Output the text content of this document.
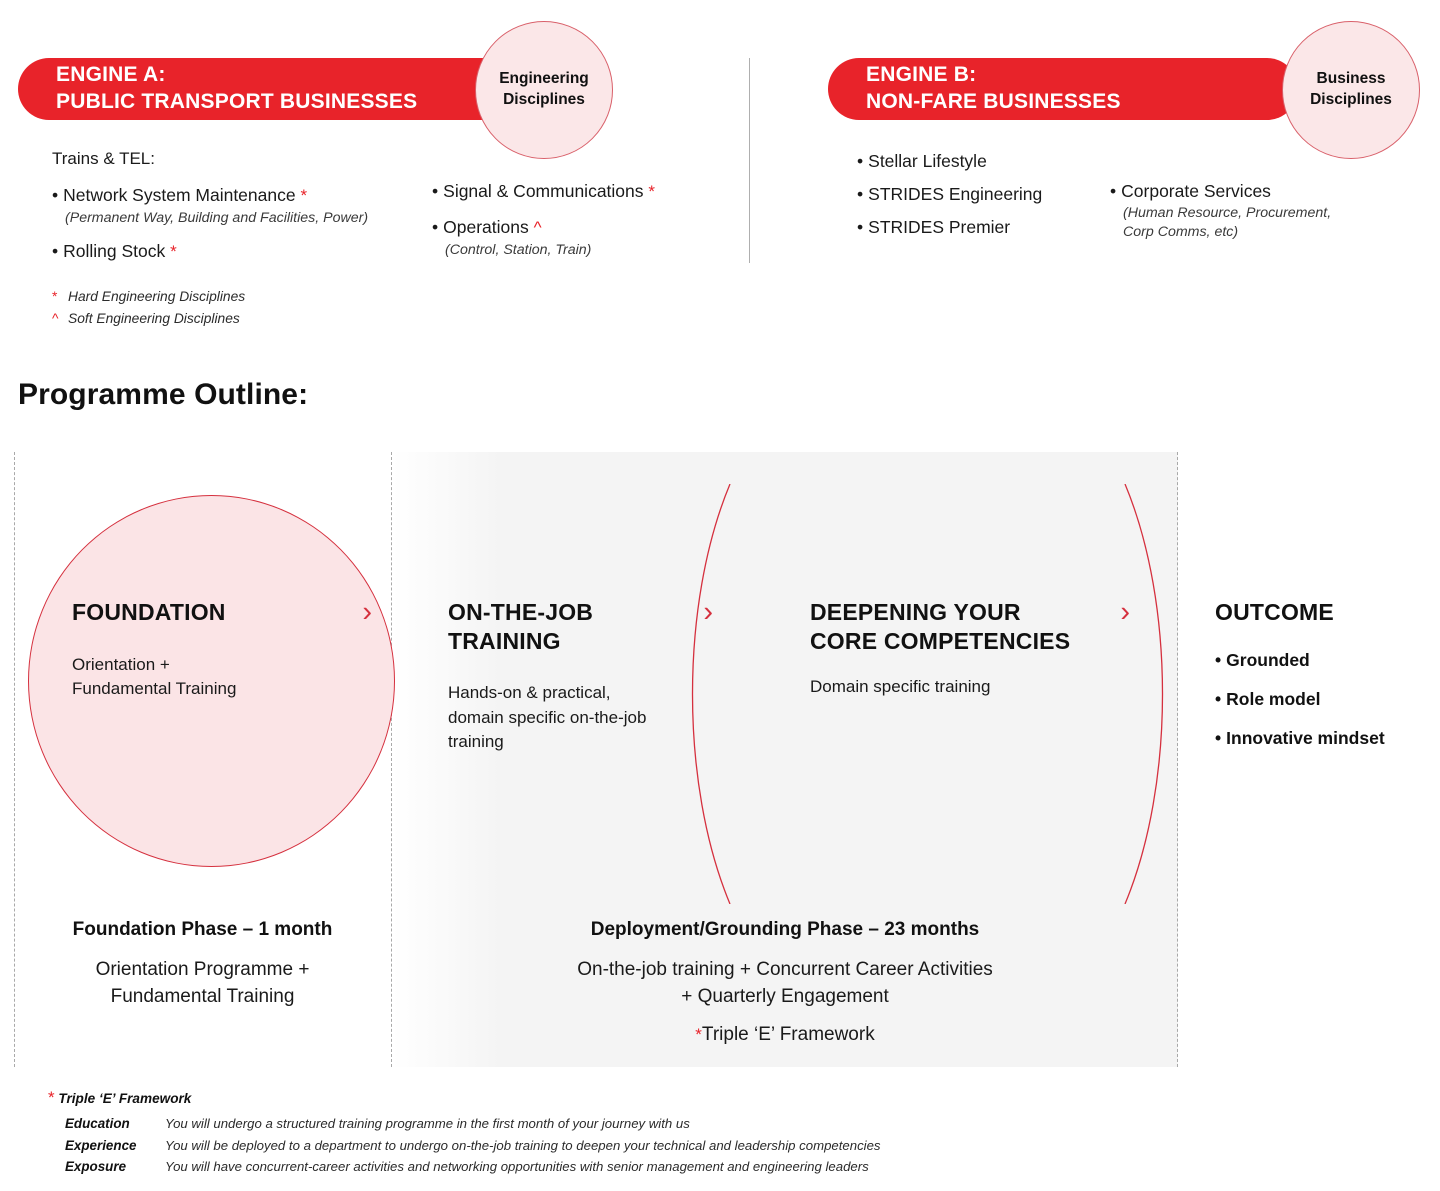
ENGINE A:
PUBLIC TRANSPORT BUSINESSES
Engineering
Disciplines
ENGINE B:
NON-FARE BUSINESSES
Business
Disciplines
Trains & TEL:
• Network System Maintenance *
(Permanent Way, Building and Facilities, Power)
• Rolling Stock *
• Signal & Communications *
• Operations ^
(Control, Station, Train)
* Hard Engineering Disciplines
^ Soft Engineering Disciplines
• Stellar Lifestyle
• STRIDES Engineering
• STRIDES Premier
• Corporate Services
(Human Resource, Procurement,
Corp Comms, etc)
Programme Outline:
FOUNDATION	›
Orientation +
Fundamental Training
ON-THE-JOB
TRAINING
›
Hands-on & practical,
domain specific on-the-job
training
DEEPENING YOUR
CORE COMPETENCIES
›
Domain specific training
OUTCOME
• Grounded
• Role model
• Innovative mindset
Foundation Phase – 1 month
Orientation Programme +
Fundamental Training
Deployment/Grounding Phase – 23 months
On-the-job training + Concurrent Career Activities
+ Quarterly Engagement
*Triple ‘E’ Framework
* Triple ‘E’ Framework
Education	You will undergo a structured training programme in the first month of your journey with us
Experience	You will be deployed to a department to undergo on-the-job training to deepen your technical and leadership competencies
Exposure	You will have concurrent-career activities and networking opportunities with senior management and engineering leaders
